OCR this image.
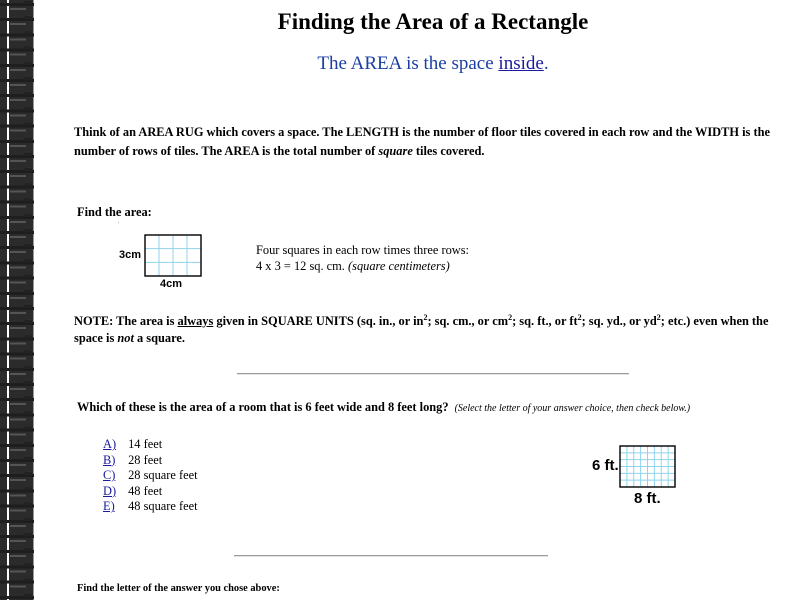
Finding the Area of a Rectangle
The AREA is the space inside.
Think of an AREA RUG which covers a space. The LENGTH is the number of floor tiles covered in each row and the WIDTH is the number of rows of tiles. The AREA is the total number of square tiles covered.
Find the area:
'
3cm
4cm
Four squares in each row times three rows:
4 x 3 = 12 sq. cm. (square centimeters)
NOTE: The area is always given in SQUARE UNITS (sq. in., or $in^2$; sq. cm., or $cm^2$; sq. ft., or $ft^2$; sq. yd., or $yd^2$; etc.) even when the space is not a square.
Which of these is the area of a room that is 6 feet wide and 8 feet long? (Select the letter of your answer choice, then check below.)
A) 14 feet
B) 28 feet
C) 28 square feet
D) 48 feet
E) 48 square feet
6 ft.
8 ft.
Find the letter of the answer you chose above:
